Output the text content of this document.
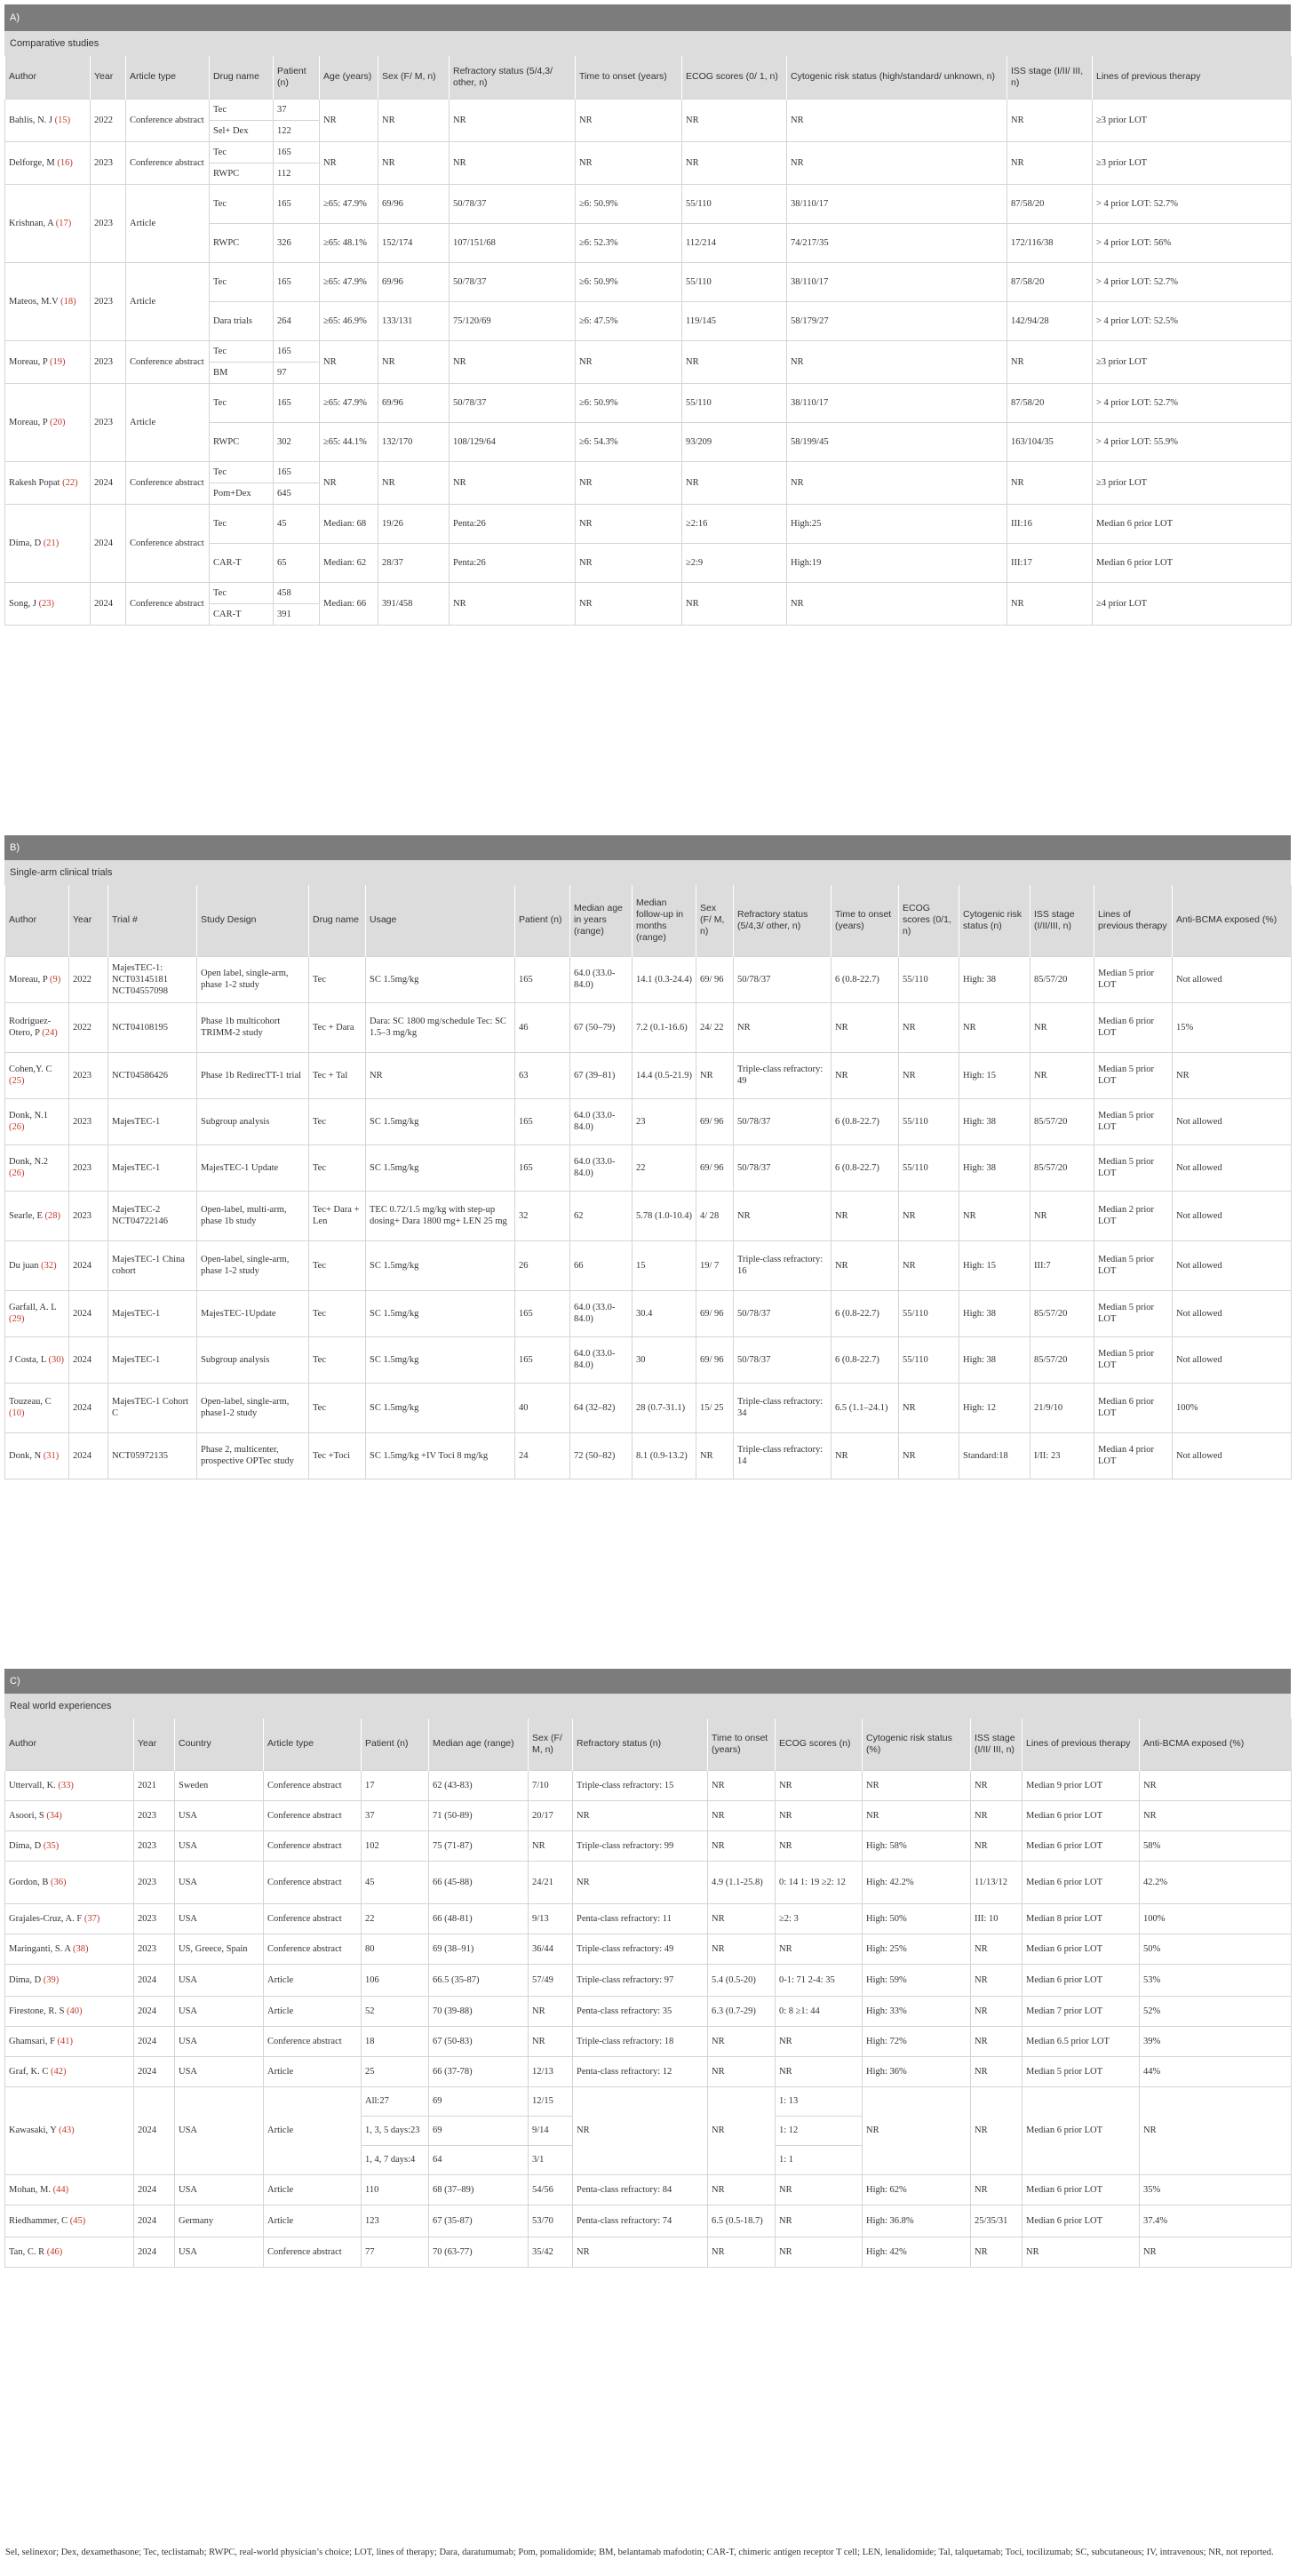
A)
Comparative studies
Author	Year	Article type	Drug name	Patient (n)	Age (years)	Sex (F/ M, n)	Refractory status (5/4,3/ other, n)	Time to onset (years)	ECOG scores (0/ 1, n)	Cytogenic risk status (high/standard/ unknown, n)	ISS stage (I/II/ III, n)	Lines of previous therapy
Bahlis, N. J (15)	2022	Conference abstract	Tec	37	NR	NR	NR	NR	NR	NR	NR	≥3 prior LOT
			Sel+ Dex	122								
Delforge, M (16)	2023	Conference abstract	Tec	165	NR	NR	NR	NR	NR	NR	NR	≥3 prior LOT
			RWPC	112								
Krishnan, A (17)	2023	Article	Tec	165	≥65: 47.9%	69/96	50/78/37	≥6: 50.9%	55/110	38/110/17	87/58/20	> 4 prior LOT: 52.7%
			RWPC	326	≥65: 48.1%	152/174	107/151/68	≥6: 52.3%	112/214	74/217/35	172/116/38	> 4 prior LOT: 56%
Mateos, M.V (18)	2023	Article	Tec	165	≥65: 47.9%	69/96	50/78/37	≥6: 50.9%	55/110	38/110/17	87/58/20	> 4 prior LOT: 52.7%
			Dara trials	264	≥65: 46.9%	133/131	75/120/69	≥6: 47.5%	119/145	58/179/27	142/94/28	> 4 prior LOT: 52.5%
Moreau, P (19)	2023	Conference abstract	Tec	165	NR	NR	NR	NR	NR	NR	NR	≥3 prior LOT
			BM	97								
Moreau, P (20)	2023	Article	Tec	165	≥65: 47.9%	69/96	50/78/37	≥6: 50.9%	55/110	38/110/17	87/58/20	> 4 prior LOT: 52.7%
			RWPC	302	≥65: 44.1%	132/170	108/129/64	≥6: 54.3%	93/209	58/199/45	163/104/35	> 4 prior LOT: 55.9%
Rakesh Popat (22)	2024	Conference abstract	Tec	165	NR	NR	NR	NR	NR	NR	NR	≥3 prior LOT
			Pom+Dex	645								
Dima, D (21)	2024	Conference abstract	Tec	45	Median: 68	19/26	Penta:26	NR	≥2:16	High:25	III:16	Median 6 prior LOT
			CAR-T	65	Median: 62	28/37	Penta:26	NR	≥2:9	High:19	III:17	Median 6 prior LOT
Song, J (23)	2024	Conference abstract	Tec	458	Median: 66	391/458	NR	NR	NR	NR	NR	≥4 prior LOT
			CAR-T	391								
B)
Single-arm clinical trials
Author	Year	Trial #	Study Design	Drug name	Usage	Patient (n)	Median age in years (range)	Median follow-up in months (range)	Sex (F/ M, n)	Refractory status (5/4,3/ other, n)	Time to onset (years)	ECOG scores (0/1, n)	Cytogenic risk status (n)	ISS stage (I/II/III, n)	Lines of previous therapy	Anti-BCMA exposed (%)
Moreau, P (9)	2022	MajesTEC-1: NCT03145181 NCT04557098	Open label, single-arm, phase 1-2 study	Tec	SC 1.5mg/kg	165	64.0 (33.0-84.0)	14.1 (0.3-24.4)	69/ 96	50/78/37	6 (0.8-22.7)	55/110	High: 38	85/57/20	Median 5 prior LOT	Not allowed
Rodriguez-Otero, P (24)	2022	NCT04108195	Phase 1b multicohort TRIMM-2 study	Tec + Dara	Dara: SC 1800 mg/schedule Tec: SC 1.5–3 mg/kg	46	67 (50–79)	7.2 (0.1-16.6)	24/ 22	NR	NR	NR	NR	NR	Median 6 prior LOT	15%
Cohen,Y. C (25)	2023	NCT04586426	Phase 1b RedirecTT-1 trial	Tec + Tal	NR	63	67 (39–81)	14.4 (0.5-21.9)	NR	Triple-class refractory: 49	NR	NR	High: 15	NR	Median 5 prior LOT	NR
Donk, N.1 (26)	2023	MajesTEC-1	Subgroup analysis	Tec	SC 1.5mg/kg	165	64.0 (33.0-84.0)	23	69/ 96	50/78/37	6 (0.8-22.7)	55/110	High: 38	85/57/20	Median 5 prior LOT	Not allowed
Donk, N.2 (26)	2023	MajesTEC-1	MajesTEC-1 Update	Tec	SC 1.5mg/kg	165	64.0 (33.0-84.0)	22	69/ 96	50/78/37	6 (0.8-22.7)	55/110	High: 38	85/57/20	Median 5 prior LOT	Not allowed
Searle, E (28)	2023	MajesTEC-2 NCT04722146	Open-label, multi-arm, phase 1b study	Tec+ Dara + Len	TEC 0.72/1.5 mg/kg with step-up dosing+ Dara 1800 mg+ LEN 25 mg	32	62	5.78 (1.0-10.4)	4/ 28	NR	NR	NR	NR	NR	Median 2 prior LOT	Not allowed
Du juan (32)	2024	MajesTEC-1 China cohort	Open-label, single-arm, phase 1-2 study	Tec	SC 1.5mg/kg	26	66	15	19/ 7	Triple-class refractory: 16	NR	NR	High: 15	III:7	Median 5 prior LOT	Not allowed
Garfall, A. L (29)	2024	MajesTEC-1	MajesTEC-1Update	Tec	SC 1.5mg/kg	165	64.0 (33.0-84.0)	30.4	69/ 96	50/78/37	6 (0.8-22.7)	55/110	High: 38	85/57/20	Median 5 prior LOT	Not allowed
J Costa, L (30)	2024	MajesTEC-1	Subgroup analysis	Tec	SC 1.5mg/kg	165	64.0 (33.0-84.0)	30	69/ 96	50/78/37	6 (0.8-22.7)	55/110	High: 38	85/57/20	Median 5 prior LOT	Not allowed
Touzeau, C (10)	2024	MajesTEC-1 Cohort C	Open-label, single-arm, phase1-2 study	Tec	SC 1.5mg/kg	40	64 (32–82)	28 (0.7-31.1)	15/ 25	Triple-class refractory: 34	6.5 (1.1–24.1)	NR	High: 12	21/9/10	Median 6 prior LOT	100%
Donk, N (31)	2024	NCT05972135	Phase 2, multicenter, prospective OPTec study	Tec +Toci	SC 1.5mg/kg +IV Toci 8 mg/kg	24	72 (50–82)	8.1 (0.9-13.2)	NR	Triple-class refractory: 14	NR	NR	Standard:18	I/II: 23	Median 4 prior LOT	Not allowed
C)
Real world experiences
Author	Year	Country	Article type	Patient (n)	Median age (range)	Sex (F/ M, n)	Refractory status (n)	Time to onset (years)	ECOG scores (n)	Cytogenic risk status (%)	ISS stage (I/II/ III, n)	Lines of previous therapy	Anti-BCMA exposed (%)
Uttervall, K. (33)	2021	Sweden	Conference abstract	17	62 (43-83)	7/10	Triple-class refractory: 15	NR	NR	NR	NR	Median 9 prior LOT	NR
Asoori, S (34)	2023	USA	Conference abstract	37	71 (50-89)	20/17	NR	NR	NR	NR	NR	Median 6 prior LOT	NR
Dima, D (35)	2023	USA	Conference abstract	102	75 (71-87)	NR	Triple-class refractory: 99	NR	NR	High: 58%	NR	Median 6 prior LOT	58%
Gordon, B (36)	2023	USA	Conference abstract	45	66 (45-88)	24/21	NR	4.9 (1.1-25.8)	0: 14 1: 19 ≥2: 12	High: 42.2%	11/13/12	Median 6 prior LOT	42.2%
Grajales-Cruz, A. F (37)	2023	USA	Conference abstract	22	66 (48-81)	9/13	Penta-class refractory: 11	NR	≥2: 3	High: 50%	III: 10	Median 8 prior LOT	100%
Maringanti, S. A (38)	2023	US, Greece, Spain	Conference abstract	80	69 (38–91)	36/44	Triple-class refractory: 49	NR	NR	High: 25%	NR	Median 6 prior LOT	50%
Dima, D (39)	2024	USA	Article	106	66.5 (35-87)	57/49	Triple-class refractory: 97	5.4 (0.5-20)	0-1: 71 2-4: 35	High: 59%	NR	Median 6 prior LOT	53%
Firestone, R. S (40)	2024	USA	Article	52	70 (39-88)	NR	Penta-class refractory: 35	6.3 (0.7-29)	0: 8 ≥1: 44	High: 33%	NR	Median 7 prior LOT	52%
Ghamsari, F (41)	2024	USA	Conference abstract	18	67 (50-83)	NR	Triple-class refractory: 18	NR	NR	High: 72%	NR	Median 6.5 prior LOT	39%
Graf, K. C (42)	2024	USA	Article	25	66 (37-78)	12/13	Penta-class refractory: 12	NR	NR	High: 36%	NR	Median 5 prior LOT	44%
Kawasaki, Y (43)	2024	USA	Article	All:27	69	12/15	NR	NR	1: 13	NR	NR	Median 6 prior LOT	NR
				1, 3, 5 days:23	69	9/14			1: 12				
				1, 4, 7 days:4	64	3/1			1: 1				
Mohan, M. (44)	2024	USA	Article	110	68 (37–89)	54/56	Penta-class refractory: 84	NR	NR	High: 62%	NR	Median 6 prior LOT	35%
Riedhammer, C (45)	2024	Germany	Article	123	67 (35-87)	53/70	Penta-class refractory: 74	6.5 (0.5-18.7)	NR	High: 36.8%	25/35/31	Median 6 prior LOT	37.4%
Tan, C. R (46)	2024	USA	Conference abstract	77	70 (63-77)	35/42	NR	NR	NR	High: 42%	NR	NR	NR
Sel, selinexor; Dex, dexamethasone; Tec, teclistamab; RWPC, real-world physician’s choice; LOT, lines of therapy; Dara, daratumumab; Pom, pomalidomide; BM, belantamab mafodotin; CAR-T, chimeric antigen receptor T cell; LEN, lenalidomide; Tal, talquetamab; Toci, tocilizumab; SC, subcutaneous; IV, intravenous; NR, not reported.
